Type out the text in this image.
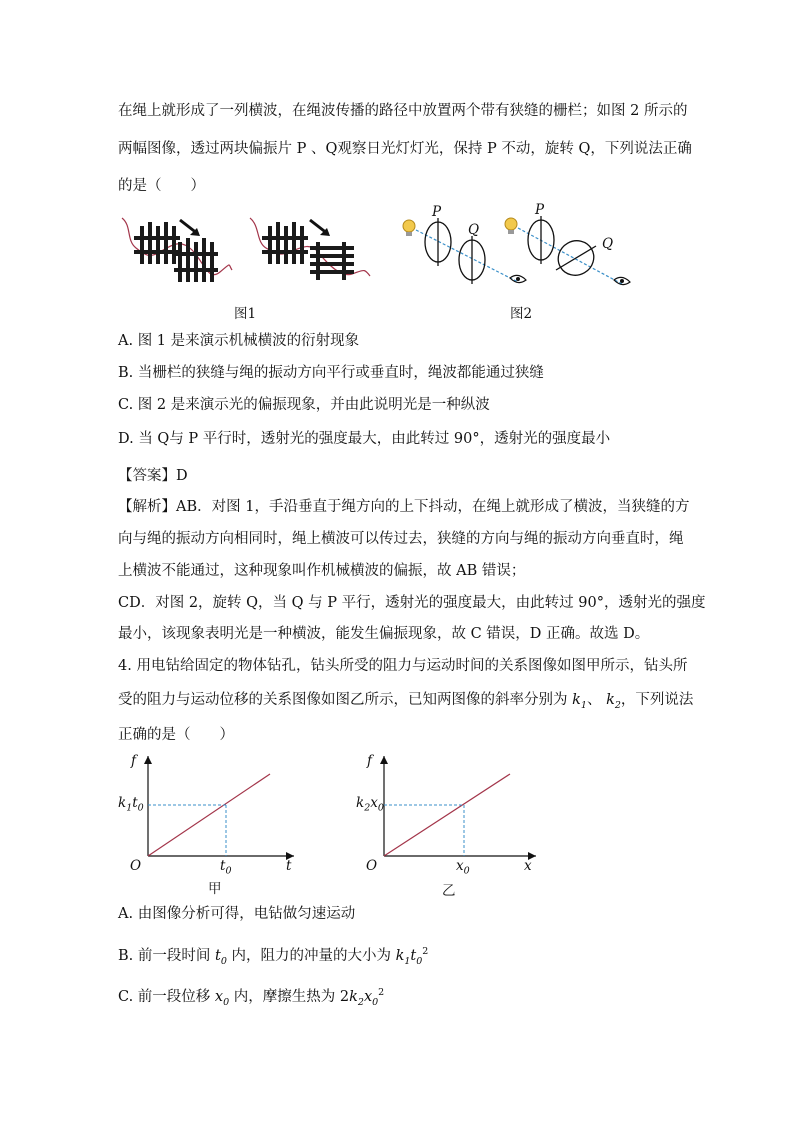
在绳上就形成了一列横波，在绳波传播的路径中放置两个带有狭缝的栅栏；如图 2 所示的
两幅图像，透过两块偏振片 P 、Q观察日光灯灯光，保持 P 不动，旋转 Q，下列说法正确
的是（　　）
P
Q
P
Q
图1	图2
A. 图 1 是来演示机械横波的衍射现象
B. 当栅栏的狭缝与绳的振动方向平行或垂直时，绳波都能通过狭缝
C. 图 2 是来演示光的偏振现象，并由此说明光是一种纵波
D. 当 Q与 P 平行时，透射光的强度最大，由此转过 90°，透射光的强度最小
【答案】D
【解析】AB．对图 1，手沿垂直于绳方向的上下抖动，在绳上就形成了横波，当狭缝的方
向与绳的振动方向相同时，绳上横波可以传过去，狭缝的方向与绳的振动方向垂直时，绳
上横波不能通过，这种现象叫作机械横波的偏振，故 AB 错误；
CD．对图 2，旋转 Q，当 Q 与 P 平行，透射光的强度最大，由此转过 90°，透射光的强度
最小，该现象表明光是一种横波，能发生偏振现象，故 C 错误，D 正确。故选 D。
4. 用电钻给固定的物体钻孔，钻头所受的阻力与运动时间的关系图像如图甲所示，钻头所
受的阻力与运动位移的关系图像如图乙所示，已知两图像的斜率分别为 $k_1$、 $k_2$，下列说法
正确的是（　　）
f
$k_1t_0$
O	$t_0$	t
甲
f
$k_2x_0$
O	$x_0$	x
乙
A. 由图像分析可得，电钻做匀速运动
B. 前一段时间 $t_0$ 内，阻力的冲量的大小为 $k_1t_0^2$
C. 前一段位移 $x_0$ 内，摩擦生热为 $2k_2x_0^2$
